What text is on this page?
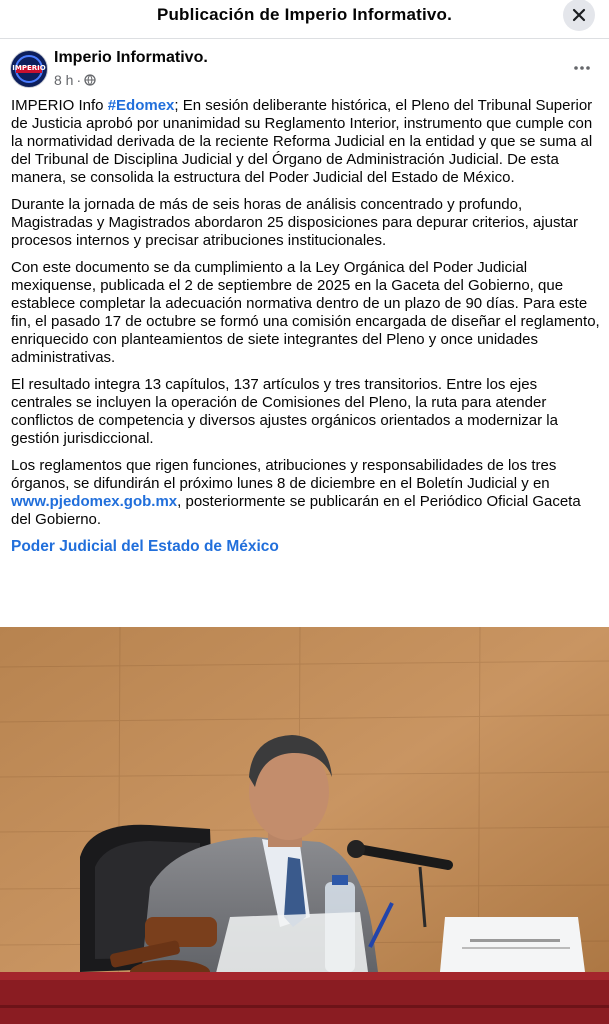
Publicación de Imperio Informativo.
IMPERIO
Imperio Informativo.
8 h ·

IMPERIO Info #Edomex; En sesión deliberante histórica, el Pleno del Tribunal Superior de Justicia aprobó por unanimidad su Reglamento Interior, instrumento que cumple con la normatividad derivada de la reciente Reforma Judicial en la entidad y que se suma al del Tribunal de Disciplina Judicial y del Órgano de Administración Judicial. De esta manera, se consolida la estructura del Poder Judicial del Estado de México.

Durante la jornada de más de seis horas de análisis concentrado y profundo, Magistradas y Magistrados abordaron 25 disposiciones para depurar criterios, ajustar procesos internos y precisar atribuciones institucionales.

Con este documento se da cumplimiento a la Ley Orgánica del Poder Judicial mexiquense, publicada el 2 de septiembre de 2025 en la Gaceta del Gobierno, que establece completar la adecuación normativa dentro de un plazo de 90 días. Para este fin, el pasado 17 de octubre se formó una comisión encargada de diseñar el reglamento, enriquecido con planteamientos de siete integrantes del Pleno y once unidades administrativas.

El resultado integra 13 capítulos, 137 artículos y tres transitorios. Entre los ejes centrales se incluyen la operación de Comisiones del Pleno, la ruta para atender conflictos de competencia y diversos ajustes orgánicos orientados a modernizar la gestión jurisdiccional.

Los reglamentos que rigen funciones, atribuciones y responsabilidades de los tres órganos, se difundirán el próximo lunes 8 de diciembre en el Boletín Judicial y en www.pjedomex.gob.mx, posteriormente se publicarán en el Periódico Oficial Gaceta del Gobierno.

Poder Judicial del Estado de México
